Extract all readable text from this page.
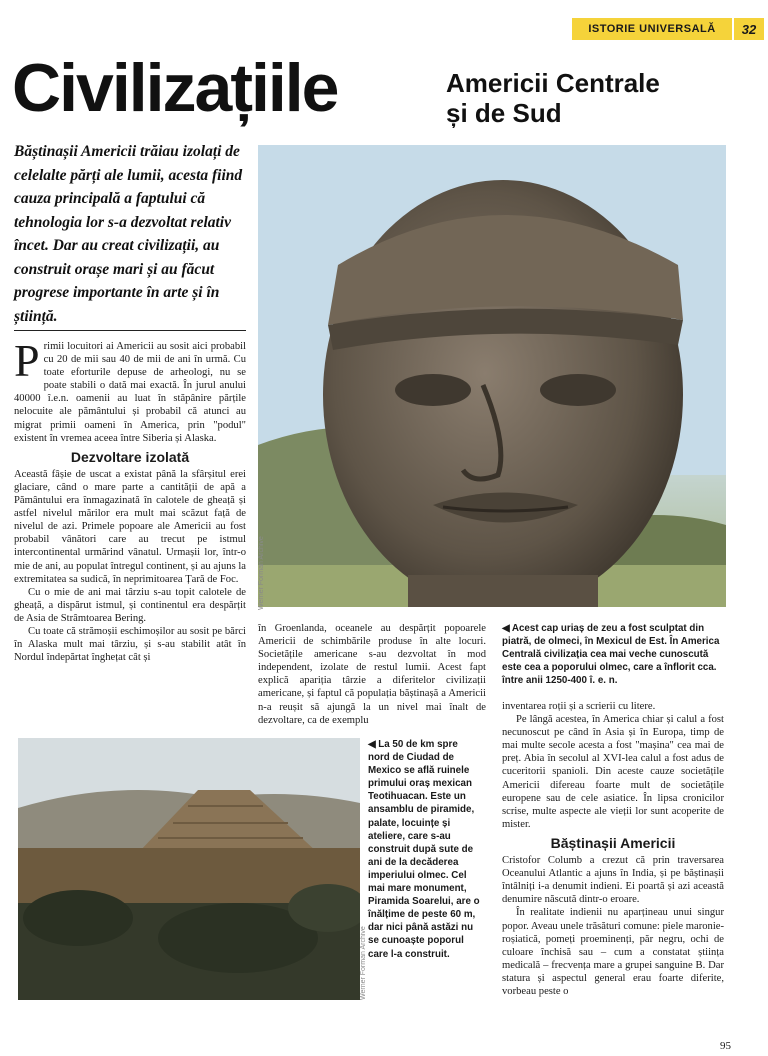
ISTORIE UNIVERSALĂ	32
Civilizațiile	Americii Centrale
și de Sud
Băștinașii Americii trăiau izolați de celelalte părți ale lumii, acesta fiind cauza principală a faptului că tehnologia lor s-a dezvoltat relativ încet. Dar au creat civilizații, au construit orașe mari și au făcut progrese importante în arte și în știință.

Primii locuitori ai Americii au sosit aici probabil cu 20 de mii sau 40 de mii de ani în urmă. Cu toate eforturile depuse de arheologi, nu se poate stabili o dată mai exactă. În jurul anului 40000 î.e.n. oamenii au luat în stăpânire părțile nelocuite ale pământului și probabil că atunci au migrat primii oameni în America, prin "podul" existent în vremea aceea între Siberia și Alaska.

Dezvoltare izolată

Această fâșie de uscat a existat până la sfârșitul erei glaciare, când o mare parte a cantității de apă a Pământului era înmagazinată în calotele de gheață și astfel nivelul mărilor era mult mai scăzut față de nivelul de azi. Primele popoare ale Americii au fost probabil vânători care au trecut pe istmul intercontinental urmărind vânatul. Urmașii lor, într-o mie de ani, au populat întregul continent, și au ajuns la extremitatea sa sudică, în neprimitoarea Țară de Foc.

Cu o mie de ani mai târziu s-au topit calotele de gheață, a dispărut istmul, și continentul era despărțit de Asia de Strâmtoarea Bering.

Cu toate că strămoșii eschimoșilor au sosit pe bărci în Alaska mult mai târziu, și s-au stabilit atât în Nordul îndepărtat înghețat cât și

Werner Forman Archive

în Groenlanda, oceanele au despărțit popoarele Americii de schimbările produse în alte locuri. Societățile americane s-au dezvoltat în mod independent, izolate de restul lumii. Acest fapt explică apariția târzie a diferitelor civilizații americane, și faptul că populația băștinașă a Americii n-a reușit să ajungă la un nivel mai înalt de dezvoltare, ca de exemplu

◀ Acest cap uriaș de zeu a fost sculptat din piatră, de olmeci, în Mexicul de Est. În America Centrală civilizația cea mai veche cunoscută este cea a poporului olmec, care a înflorit cca. între anii 1250-400 î. e. n.
◀ La 50 de km spre nord de Ciudad de Mexico se află ruinele primului oraș mexican Teotihuacan. Este un ansamblu de piramide, palate, locuințe și ateliere, care s-au construit după sute de ani de la decăderea imperiului olmec. Cel mai mare monument, Piramida Soarelui, are o înălțime de peste 60 m, dar nici până astăzi nu se cunoaște poporul care l-a construit.
Werner Forman Archive

inventarea roții și a scrierii cu litere.

Pe lângă acestea, în America chiar și calul a fost necunoscut pe când în Asia și în Europa, timp de mai multe secole acesta a fost "mașina" cea mai de preț. Abia în secolul al XVI-lea calul a fost adus de cuceritorii spanioli. Din aceste cauze societățile Americii difereau foarte mult de societățile europene sau de cele asiatice. În lipsa cronicilor scrise, multe aspecte ale vieții lor sunt acoperite de mister.

Băștinașii Americii

Cristofor Columb a crezut că prin traversarea Oceanului Atlantic a ajuns în India, și pe băștinașii întâlniți i-a denumit indieni. Ei poartă și azi această denumire născută dintr-o eroare.

În realitate indienii nu aparțineau unui singur popor. Aveau unele trăsături comune: piele maronie-roșiatică, pomeți proeminenți, păr negru, ochi de culoare închisă sau – cum a constatat știința medicală – frecvența mare a grupei sanguine B. Dar statura și aspectul general erau foarte diferite, vorbeau peste o

95
